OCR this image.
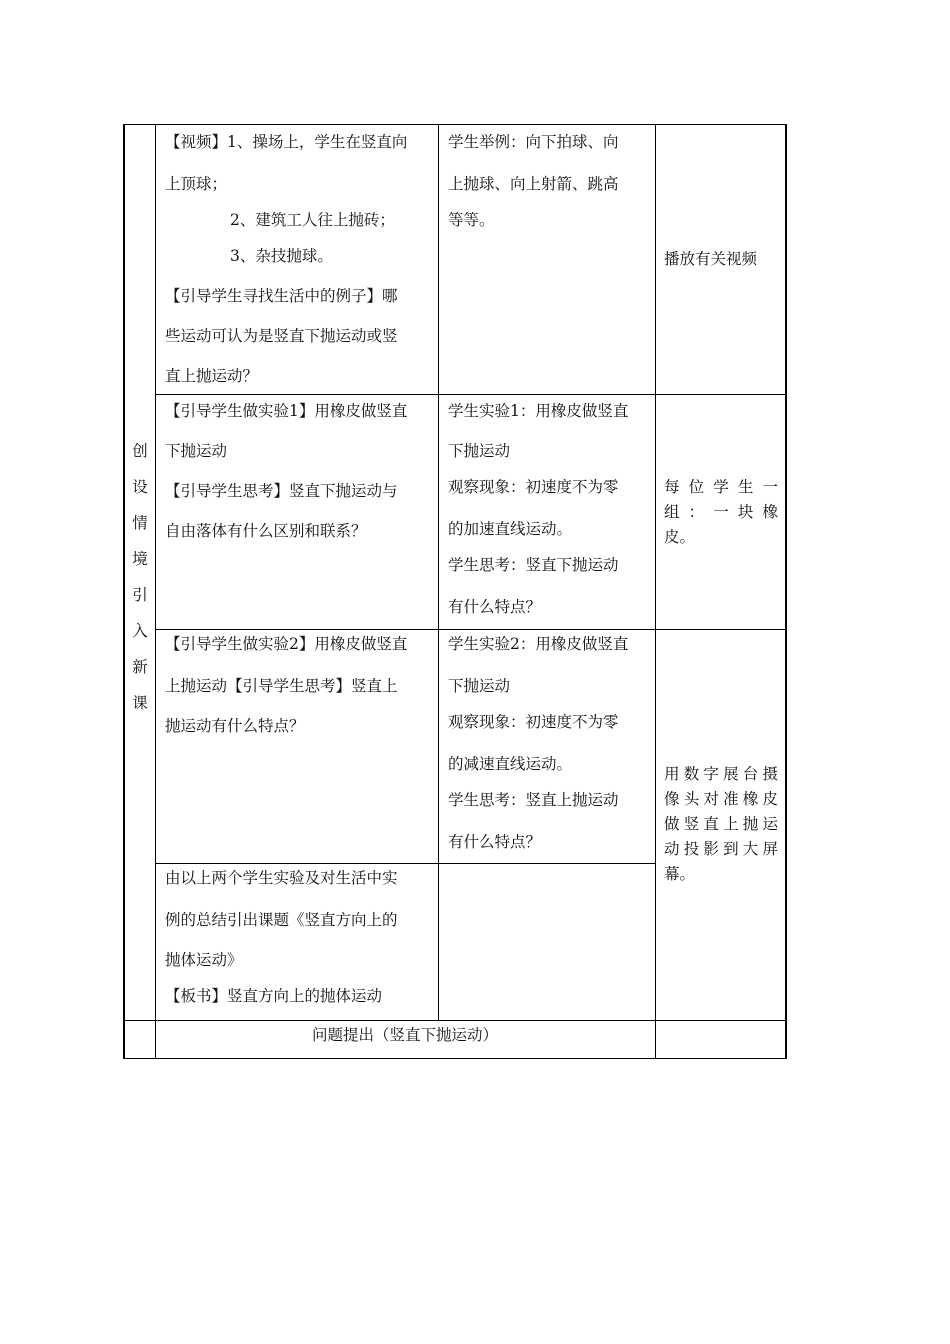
创
设
情
境
引
入
新
课

【视频】1、操场上，学生在竖直向

上顶球；

2、建筑工人往上抛砖；

3、杂技抛球。

【引导学生寻找生活中的例子】哪

些运动可认为是竖直下抛运动或竖

直上抛运动？

学生举例：向下拍球、向

上抛球、向上射箭、跳高

等等。

播放有关视频

【引导学生做实验1】用橡皮做竖直

下抛运动

【引导学生思考】竖直下抛运动与

自由落体有什么区别和联系？

学生实验1：用橡皮做竖直

下抛运动

观察现象：初速度不为零

的加速直线运动。

学生思考：竖直下抛运动

有什么特点？

每 位 学 生 一

组 ： 一 块 橡

皮。

【引导学生做实验2】用橡皮做竖直

上抛运动【引导学生思考】竖直上

抛运动有什么特点？

学生实验2：用橡皮做竖直

下抛运动

观察现象：初速度不为零

的减速直线运动。

学生思考：竖直上抛运动

有什么特点？

用数字展台摄

像头对准橡皮

做竖直上抛运

动投影到大屏

幕。

由以上两个学生实验及对生活中实

例的总结引出课题《竖直方向上的

抛体运动》

【板书】竖直方向上的抛体运动

问题提出（竖直下抛运动）
